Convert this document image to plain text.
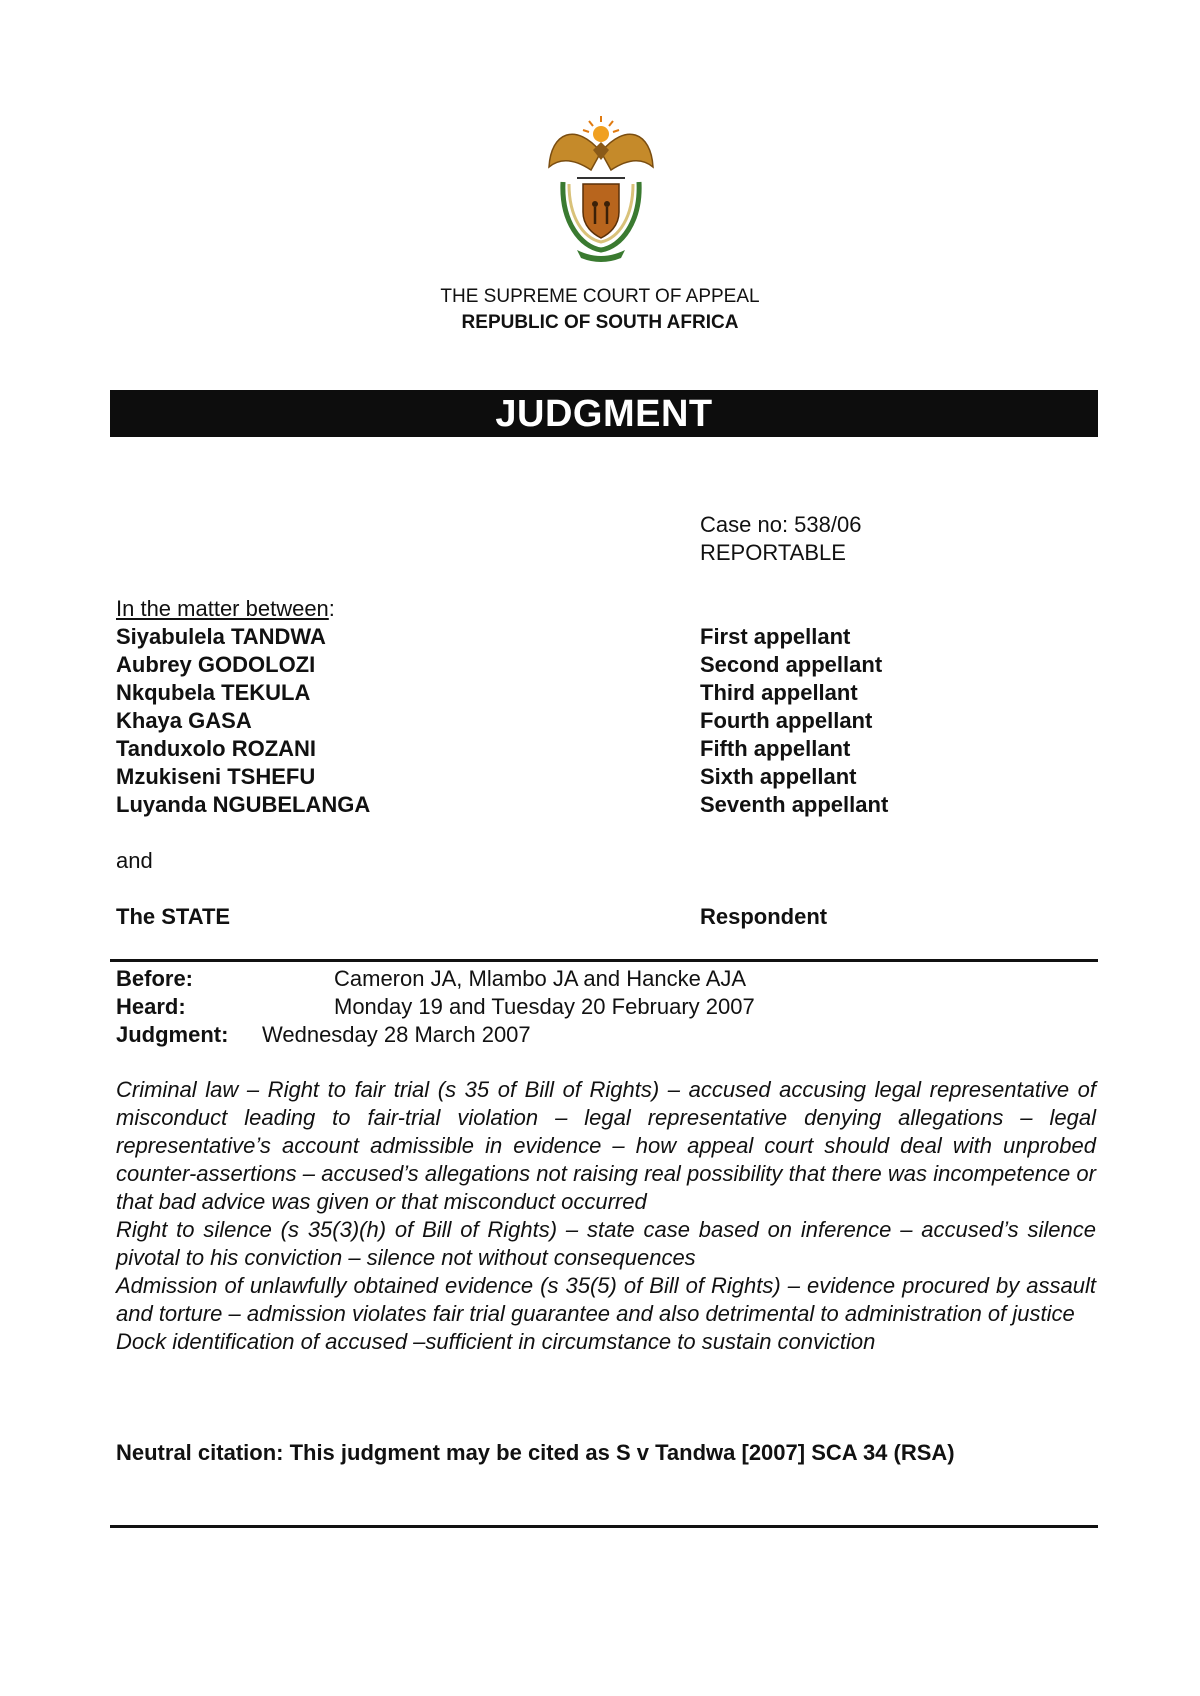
THE SUPREME COURT OF APPEAL
REPUBLIC OF SOUTH AFRICA
JUDGMENT
Case no: 538/06
REPORTABLE
In the matter between:
Siyabulela TANDWA	First appellant
Aubrey GODOLOZI	Second appellant
Nkqubela TEKULA	Third appellant
Khaya GASA	Fourth appellant
Tanduxolo ROZANI	Fifth appellant
Mzukiseni TSHEFU	Sixth appellant
Luyanda NGUBELANGA	Seventh appellant
and
The STATE	Respondent
Before:	Cameron JA, Mlambo JA and Hancke AJA
Heard:	Monday 19 and Tuesday 20 February 2007
Judgment: Wednesday 28 March 2007

Criminal law – Right to fair trial (s 35 of Bill of Rights) – accused accusing legal representative of misconduct leading to fair-trial violation – legal representative denying allegations – legal representative’s account admissible in evidence – how appeal court should deal with unprobed counter-assertions – accused’s allegations not raising real possibility that there was incompetence or that bad advice was given or that misconduct occurred

Right to silence (s 35(3)(h) of Bill of Rights) – state case based on inference – accused’s silence pivotal to his conviction – silence not without consequences

Admission of unlawfully obtained evidence (s 35(5) of Bill of Rights) – evidence procured by assault and torture – admission violates fair trial guarantee and also detrimental to administration of justice

Dock identification of accused –sufficient in circumstance to sustain conviction

Neutral citation: This judgment may be cited as S v Tandwa [2007] SCA 34 (RSA)
